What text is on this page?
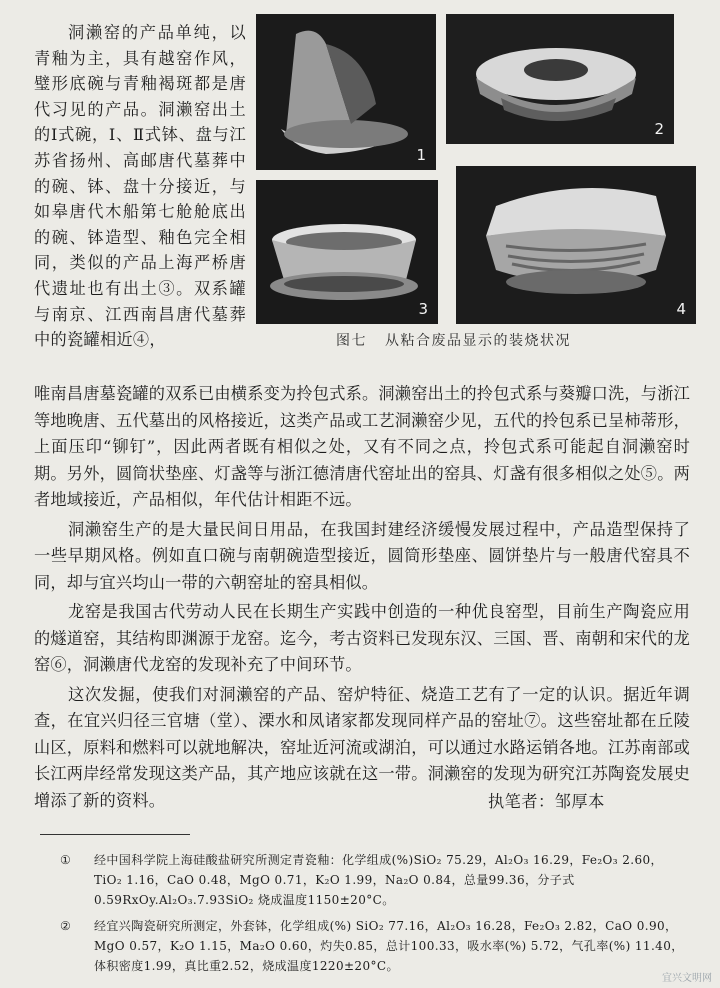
洞濑窑的产品单纯，以青釉为主，具有越窑作风，璧形底碗与青釉褐斑都是唐代习见的产品。洞濑窑出土的Ⅰ式碗，Ⅰ、Ⅱ式钵、盘与江苏省扬州、高邮唐代墓葬中的碗、钵、盘十分接近，与如皋唐代木船第七舱舱底出的碗、钵造型、釉色完全相同，类似的产品上海严桥唐代遗址也有出土③。双系罐与南京、江西南昌唐代墓葬中的瓷罐相近④，

1
2
3	4
图七 从粘合废品显示的装烧状况

唯南昌唐墓瓷罐的双系已由横系变为拎包式系。洞濑窑出土的拎包式系与葵瓣口洗，与浙江等地晚唐、五代墓出的风格接近，这类产品或工艺洞濑窑少见，五代的拎包系已呈柿蒂形，上面压印“铆钉”，因此两者既有相似之处，又有不同之点，拎包式系可能起自洞濑窑时期。另外，圆筒状垫座、灯盏等与浙江德清唐代窑址出的窑具、灯盏有很多相似之处⑤。两者地域接近，产品相似，年代估计相距不远。

洞濑窑生产的是大量民间日用品，在我国封建经济缓慢发展过程中，产品造型保持了一些早期风格。例如直口碗与南朝碗造型接近，圆筒形垫座、圆饼垫片与一般唐代窑具不同，却与宜兴均山一带的六朝窑址的窑具相似。

龙窑是我国古代劳动人民在长期生产实践中创造的一种优良窑型，目前生产陶瓷应用的燧道窑，其结构即渊源于龙窑。迄今，考古资料已发现东汉、三国、晋、南朝和宋代的龙窑⑥，洞濑唐代龙窑的发现补充了中间环节。

这次发掘，使我们对洞濑窑的产品、窑炉特征、烧造工艺有了一定的认识。据近年调查，在宜兴归径三官塘（堂）、溧水和凤诸家都发现同样产品的窑址⑦。这些窑址都在丘陵山区，原料和燃料可以就地解决，窑址近河流或湖泊，可以通过水路运销各地。江苏南部或长江两岸经常发现这类产品，其产地应该就在这一带。洞濑窑的发现为研究江苏陶瓷发展史增添了新的资料。	执笔者：邹厚本
① 经中国科学院上海硅酸盐研究所测定青瓷釉：化学组成(%)SiO₂ 75.29，Al₂O₃ 16.29，Fe₂O₃ 2.60，TiO₂ 1.16，CaO 0.48，MgO 0.71，K₂O 1.99，Na₂O 0.84，总量99.36，分子式0.59RxOy.Al₂O₃.7.93SiO₂ 烧成温度1150±20°C。
② 经宜兴陶瓷研究所测定，外套钵，化学组成(%) SiO₂ 77.16，Al₂O₃ 16.28，Fe₂O₃ 2.82，CaO 0.90，MgO 0.57，K₂O 1.15，Ma₂O 0.60，灼失0.85，总计100.33，吸水率(%) 5.72，气孔率(%) 11.40，体积密度1.99，真比重2.52，烧成温度1220±20°C。
宜兴文明网
